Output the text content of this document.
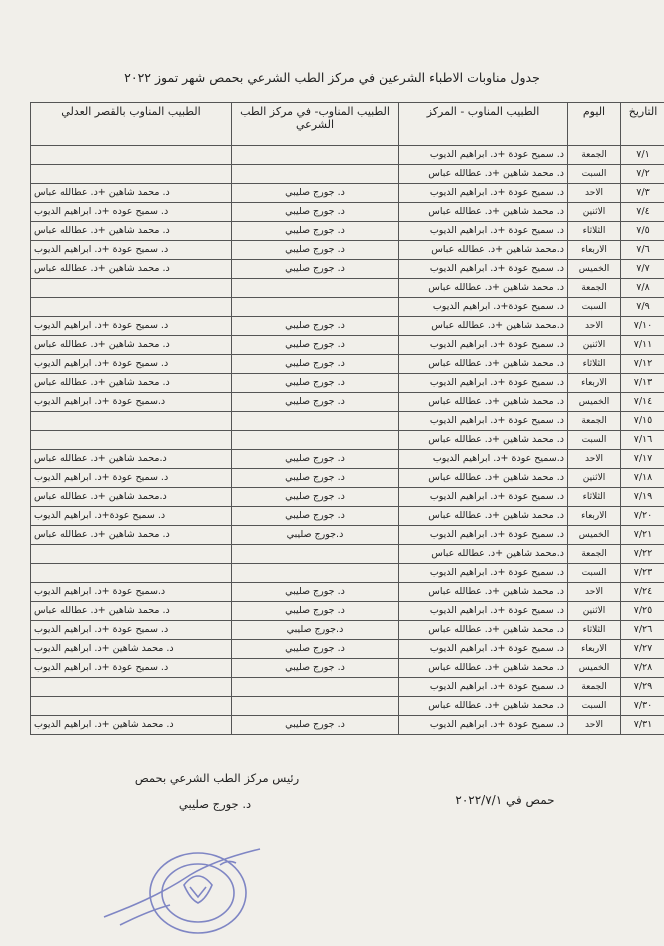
جدول مناوبات الاطباء الشرعين في مركز الطب الشرعي بحمص شهر تموز ٢٠٢٢
التاريخ	اليوم	الطبيب المناوب - المركز	الطبيب المناوب- في مركز الطب الشرعي	الطبيب المناوب بالقصر العدلي
٧/١	الجمعة	د. سميح عودة +د. ابراهيم الديوب		
٧/٢	السبت	د. محمد شاهين +د. عطالله عباس		
٧/٣	الاحد	د. سميح عودة +د. ابراهيم الديوب	د. جورج صليبي	د. محمد شاهين +د. عطالله عباس
٧/٤	الاثنين	د. محمد شاهين +د. عطالله عباس	د. جورج صليبي	د. سميح عوده +د. ابراهيم الديوب
٧/٥	الثلاثاء	د. سميح عودة +د. ابراهيم الديوب	د. جورج صليبي	د. محمد شاهين +د. عطالله عباس
٧/٦	الاربعاء	د.محمد شاهين +د. عطالله عباس	د. جورج صليبي	د. سميح عودة +د. ابراهيم الديوب
٧/٧	الخميس	د. سميح عودة +د. ابراهيم الديوب	د. جورج صليبي	د. محمد شاهين +د. عطالله عباس
٧/٨	الجمعة	د. محمد شاهين +د. عطالله عباس		
٧/٩	السبت	د. سميح عودة+د. ابراهيم الديوب		
٧/١٠	الاحد	د.محمد شاهين +د. عطالله عباس	د. جورج صليبي	د. سميح عودة +د. ابراهيم الديوب
٧/١١	الاثنين	د. سميح عودة +د. ابراهيم الديوب	د. جورج صليبي	د. محمد شاهين +د. عطالله عباس
٧/١٢	الثلاثاء	د. محمد شاهين +د. عطالله عباس	د. جورج صليبي	د. سميح عودة +د. ابراهيم الديوب
٧/١٣	الاربعاء	د. سميح عودة +د. ابراهيم الديوب	د. جورج صليبي	د. محمد شاهين +د. عطالله عباس
٧/١٤	الخميس	د. محمد شاهين +د. عطالله عباس	د. جورج صليبي	د.سميح عودة +د. ابراهيم الديوب
٧/١٥	الجمعة	د. سميح عودة +د. ابراهيم الديوب		
٧/١٦	السبت	د. محمد شاهين +د. عطالله عباس		
٧/١٧	الاحد	د.سميح عودة +د. ابراهيم الديوب	د. جورج صليبي	د.محمد شاهين +د. عطالله عباس
٧/١٨	الاثنين	د. محمد شاهين +د. عطالله عباس	د. جورج صليبي	د. سميح عودة +د. ابراهيم الديوب
٧/١٩	الثلاثاء	د. سميح عودة +د. ابراهيم الديوب	د. جورج صليبي	د.محمد شاهين +د. عطالله عباس
٧/٢٠	الاربعاء	د. محمد شاهين +د. عطالله عباس	د. جورج صليبي	د. سميح عودة+د. ابراهيم الديوب
٧/٢١	الخميس	د. سميح عودة +د. ابراهيم الديوب	د.جورج صليبي	د. محمد شاهين +د. عطالله عباس
٧/٢٢	الجمعة	د.محمد شاهين +د. عطالله عباس		
٧/٢٣	السبت	د. سميح عودة +د. ابراهيم الديوب		
٧/٢٤	الاحد	د. محمد شاهين +د. عطالله عباس	د. جورج صليبي	د.سميح عودة +د. ابراهيم الديوب
٧/٢٥	الاثنين	د. سميح عودة +د. ابراهيم الديوب	د. جورج صليبي	د. محمد شاهين +د. عطالله عباس
٧/٢٦	الثلاثاء	د. محمد شاهين +د. عطالله عباس	د.جورج صليبي	د. سميح عودة +د. ابراهيم الديوب
٧/٢٧	الاربعاء	د. سميح عودة +د. ابراهيم الديوب	د. جورج صليبي	د. محمد شاهين +د. ابراهيم الديوب
٧/٢٨	الخميس	د. محمد شاهين +د. عطالله عباس	د. جورج صليبي	د. سميح عودة +د. ابراهيم الديوب
٧/٢٩	الجمعة	د. سميح عودة +د. ابراهيم الديوب		
٧/٣٠	السبت	د. محمد شاهين +د. عطالله عباس		
٧/٣١	الاحد	د. سميح عودة +د. ابراهيم الديوب	د. جورج صليبي	د. محمد شاهين +د. ابراهيم الديوب
رئيس مركز الطب الشرعي بحمص
د. جورج صليبي	حمص في ٢٠٢٢/٧/١
